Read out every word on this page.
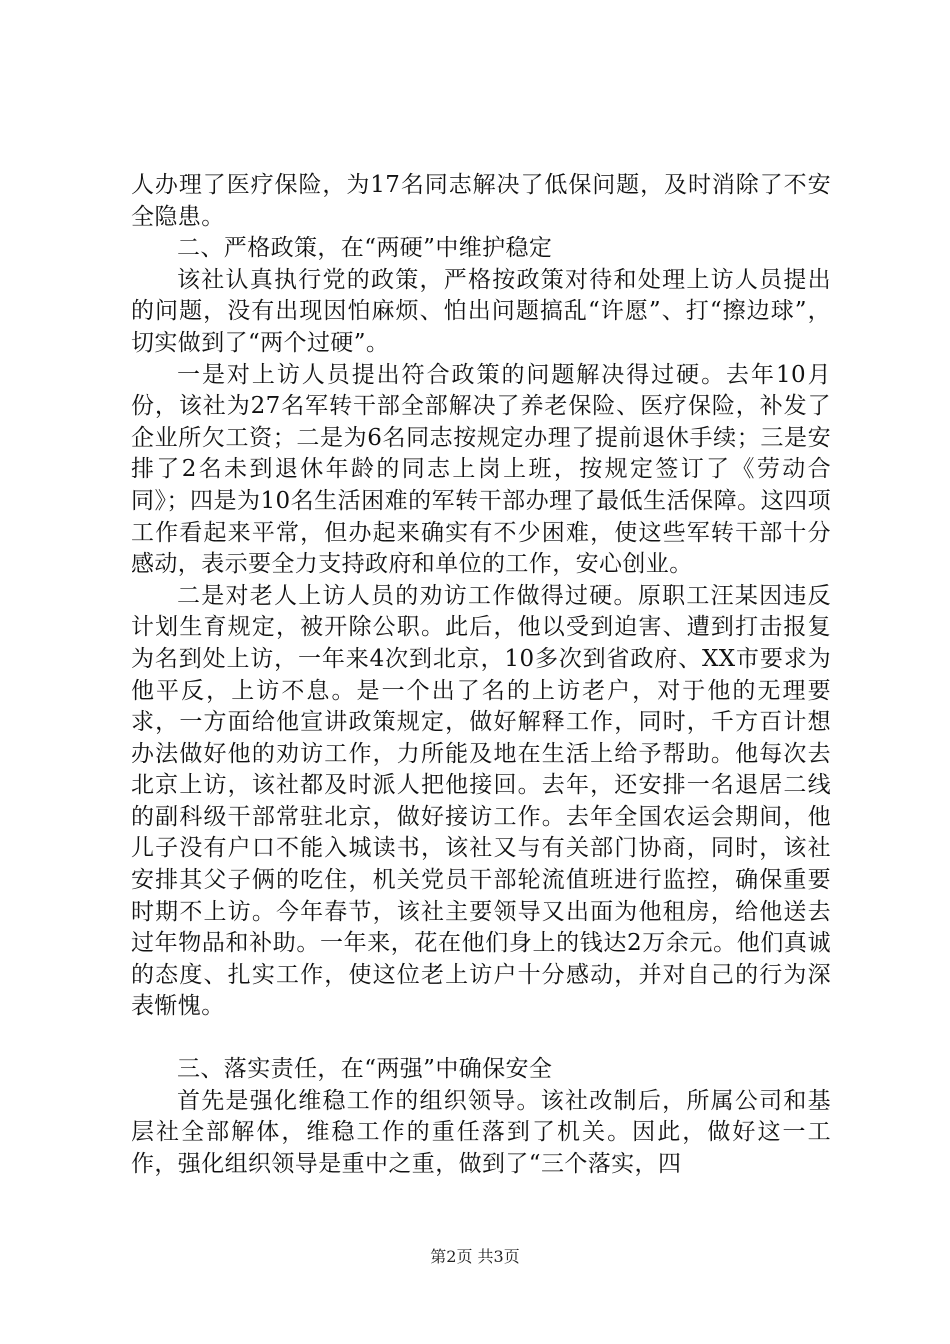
人办理了医疗保险，为17名同志解决了低保问题，及时消除了不安全隐患。

二、严格政策，在“两硬”中维护稳定

该社认真执行党的政策，严格按政策对待和处理上访人员提出的问题，没有出现因怕麻烦、怕出问题搞乱“许愿”、打“擦边球”，切实做到了“两个过硬”。

一是对上访人员提出符合政策的问题解决得过硬。去年10月份，该社为27名军转干部全部解决了养老保险、医疗保险，补发了企业所欠工资；二是为6名同志按规定办理了提前退休手续；三是安排了2名未到退休年龄的同志上岗上班，按规定签订了《劳动合同》；四是为10名生活困难的军转干部办理了最低生活保障。这四项工作看起来平常，但办起来确实有不少困难，使这些军转干部十分感动，表示要全力支持政府和单位的工作，安心创业。

二是对老人上访人员的劝访工作做得过硬。原职工汪某因违反计划生育规定，被开除公职。此后，他以受到迫害、遭到打击报复为名到处上访，一年来4次到北京，10多次到省政府、XX市要求为他平反，上访不息。是一个出了名的上访老户，对于他的无理要求，一方面给他宣讲政策规定，做好解释工作，同时，千方百计想办法做好他的劝访工作，力所能及地在生活上给予帮助。他每次去北京上访，该社都及时派人把他接回。去年，还安排一名退居二线的副科级干部常驻北京，做好接访工作。去年全国农运会期间，他儿子没有户口不能入城读书，该社又与有关部门协商，同时，该社安排其父子俩的吃住，机关党员干部轮流值班进行监控，确保重要时期不上访。今年春节，该社主要领导又出面为他租房，给他送去过年物品和补助。一年来，花在他们身上的钱达2万余元。他们真诚的态度、扎实工作，使这位老上访户十分感动，并对自己的行为深表惭愧。

三、落实责任，在“两强”中确保安全

首先是强化维稳工作的组织领导。该社改制后，所属公司和基层社全部解体，维稳工作的重任落到了机关。因此，做好这一工作，强化组织领导是重中之重，做到了“三个落实，四

第2页 共3页
